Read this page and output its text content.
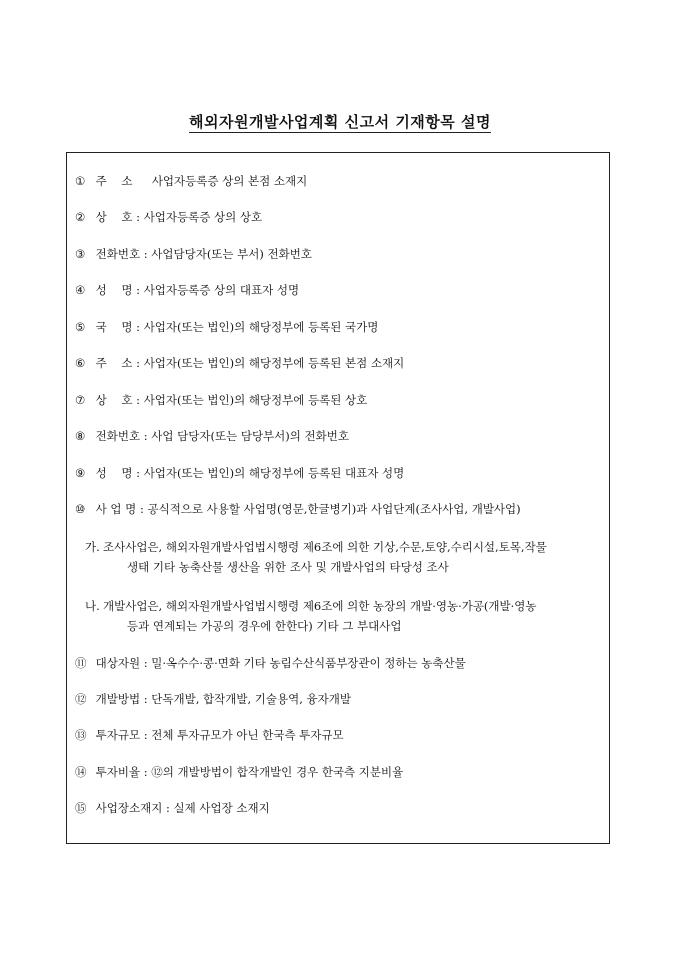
해외자원개발사업계획 신고서 기재항목 설명
① 주    소 사업자등록증 상의 본점 소재지
② 상    호 : 사업자등록증 상의 상호
③ 전화번호 : 사업담당자(또는 부서) 전화번호
④ 성    명 : 사업자등록증 상의 대표자 성명
⑤ 국    명 : 사업자(또는 법인)의 해당정부에 등록된 국가명
⑥ 주    소 : 사업자(또는 법인)의 해당정부에 등록된 본점 소재지
⑦ 상    호 : 사업자(또는 법인)의 해당정부에 등록된 상호
⑧ 전화번호 : 사업 담당자(또는 담당부서)의 전화번호
⑨ 성    명 : 사업자(또는 법인)의 해당정부에 등록된 대표자 성명
⑩ 사 업 명 : 공식적으로 사용할 사업명(영문,한글병기)과 사업단계(조사사업, 개발사업)
가. 조사사업은, 해외자원개발사업법시행령 제6조에 의한 기상,수문,토양,수리시설,토목,작물
생태 기타 농축산물 생산을 위한 조사 및 개발사업의 타당성 조사
나. 개발사업은, 해외자원개발사업법시행령 제6조에 의한 농장의 개발·영농·가공(개발·영농
등과 연계되는 가공의 경우에 한한다) 기타 그 부대사업
⑪ 대상자원 : 밀·옥수수·콩·면화 기타 농림수산식품부장관이 정하는 농축산물
⑫ 개발방법 : 단독개발, 합작개발, 기술용역, 융자개발
⑬ 투자규모 : 전체 투자규모가 아닌 한국측 투자규모
⑭ 투자비율 : ⑫의 개발방법이 합작개발인 경우 한국측 지분비율
⑮ 사업장소재지 : 실제 사업장 소재지
